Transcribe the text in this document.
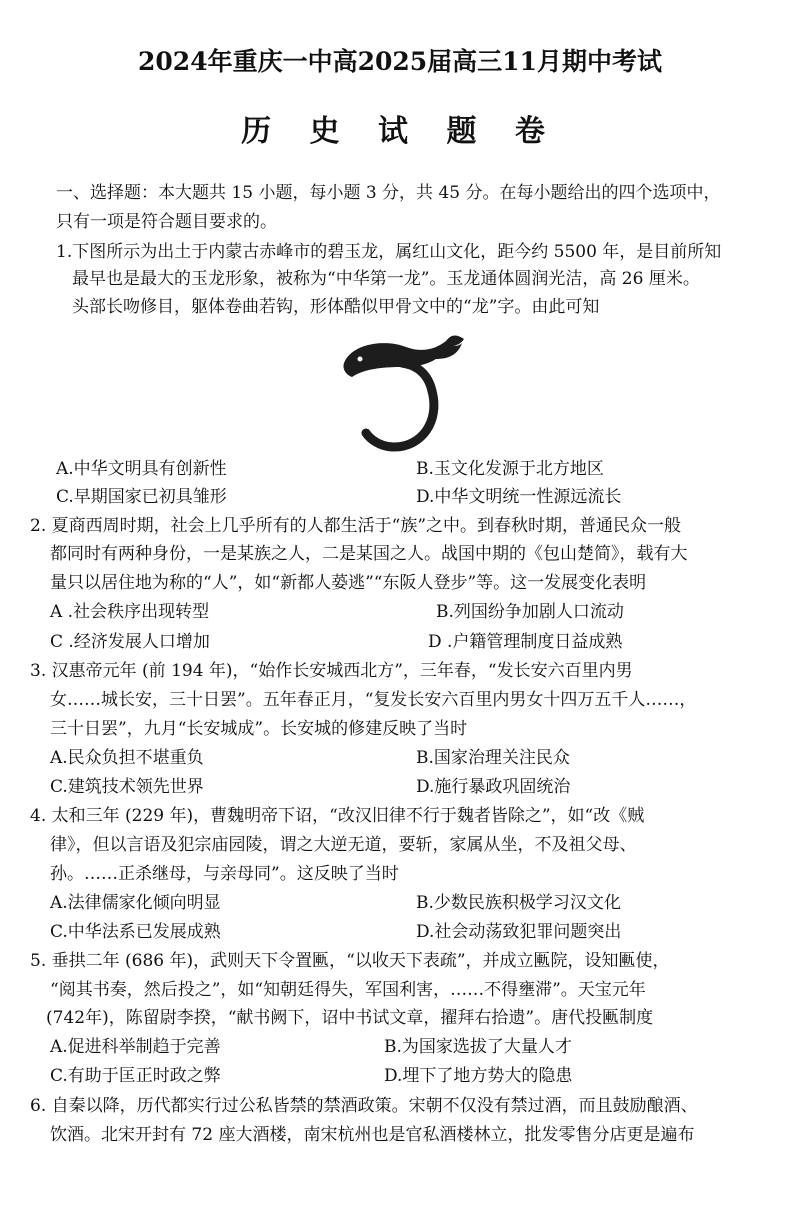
2024年重庆一中高2025届高三11月期中考试
历 史 试 题 卷
一、选择题：本大题共 15 小题，每小题 3 分，共 45 分。在每小题给出的四个选项中，
只有一项是符合题目要求的。
1.下图所示为出土于内蒙古赤峰市的碧玉龙，属红山文化，距今约 5500 年，是目前所知
最早也是最大的玉龙形象，被称为“中华第一龙”。玉龙通体圆润光洁，高 26 厘米。
头部长吻修目，躯体卷曲若钩，形体酷似甲骨文中的“龙”字。由此可知
A.中华文明具有创新性	B.玉文化发源于北方地区
C.早期国家已初具雏形	D.中华文明统一性源远流长
2. 夏商西周时期，社会上几乎所有的人都生活于“族”之中。到春秋时期，普通民众一般
都同时有两种身份，一是某族之人，二是某国之人。战国中期的《包山楚简》，载有大
量只以居住地为称的“人”，如“新都人蒆逃”“东阪人登步”等。这一发展变化表明
A .社会秩序出现转型	B.列国纷争加剧人口流动
C .经济发展人口增加	D .户籍管理制度日益成熟
3. 汉惠帝元年 (前 194 年)，“始作长安城西北方”，三年春，“发长安六百里内男
女……城长安，三十日罢”。五年春正月，“复发长安六百里内男女十四万五千人……，
三十日罢”，九月“长安城成”。长安城的修建反映了当时
A.民众负担不堪重负	B.国家治理关注民众
C.建筑技术领先世界	D.施行暴政巩固统治
4. 太和三年 (229 年)，曹魏明帝下诏，“改汉旧律不行于魏者皆除之”，如“改《贼
律》，但以言语及犯宗庙园陵，谓之大逆无道，要斩，家属从坐，不及祖父母、
孙。……正杀继母，与亲母同”。这反映了当时
A.法律儒家化倾向明显	B.少数民族积极学习汉文化
C.中华法系已发展成熟	D.社会动荡致犯罪问题突出
5. 垂拱二年 (686 年)，武则天下令置匭，“以收天下表疏”，并成立匭院，设知匭使，
“阅其书奏，然后投之”，如“知朝廷得失，军国利害，……不得壅滞”。天宝元年
(742年)，陈留尉李揆，“献书阙下，诏中书试文章，擢拜右拾遗”。唐代投匭制度
A.促进科举制趋于完善	B.为国家选拔了大量人才
C.有助于匡正时政之弊	D.埋下了地方势大的隐患
6. 自秦以降，历代都实行过公私皆禁的禁酒政策。宋朝不仅没有禁过酒，而且鼓励酿酒、
饮酒。北宋开封有 72 座大酒楼，南宋杭州也是官私酒楼林立，批发零售分店更是遍布
